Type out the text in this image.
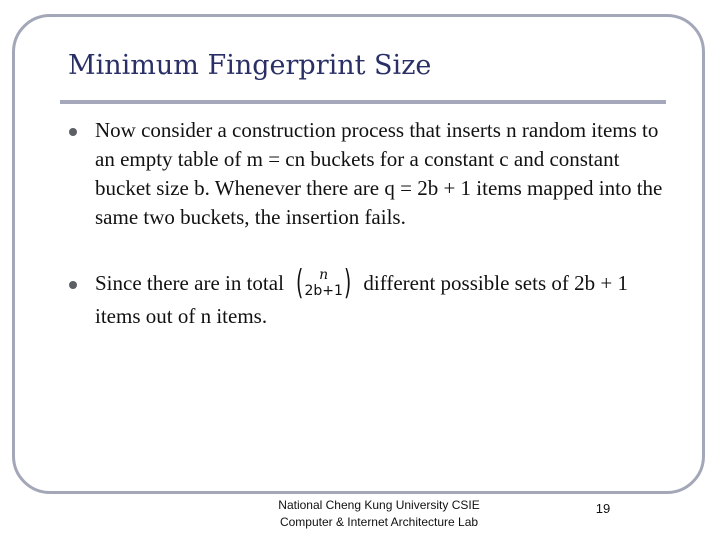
Minimum Fingerprint Size
Now consider a construction process that inserts n random items to an empty table of m = cn buckets for a constant c and constant bucket size b. Whenever there are q = 2b + 1 items mapped into the same two buckets, the insertion fails.
Since there are in total ( n
2b+1 ) different possible sets of 2b + 1 items out of n items.
National Cheng Kung University CSIE
Computer & Internet Architecture Lab
19
